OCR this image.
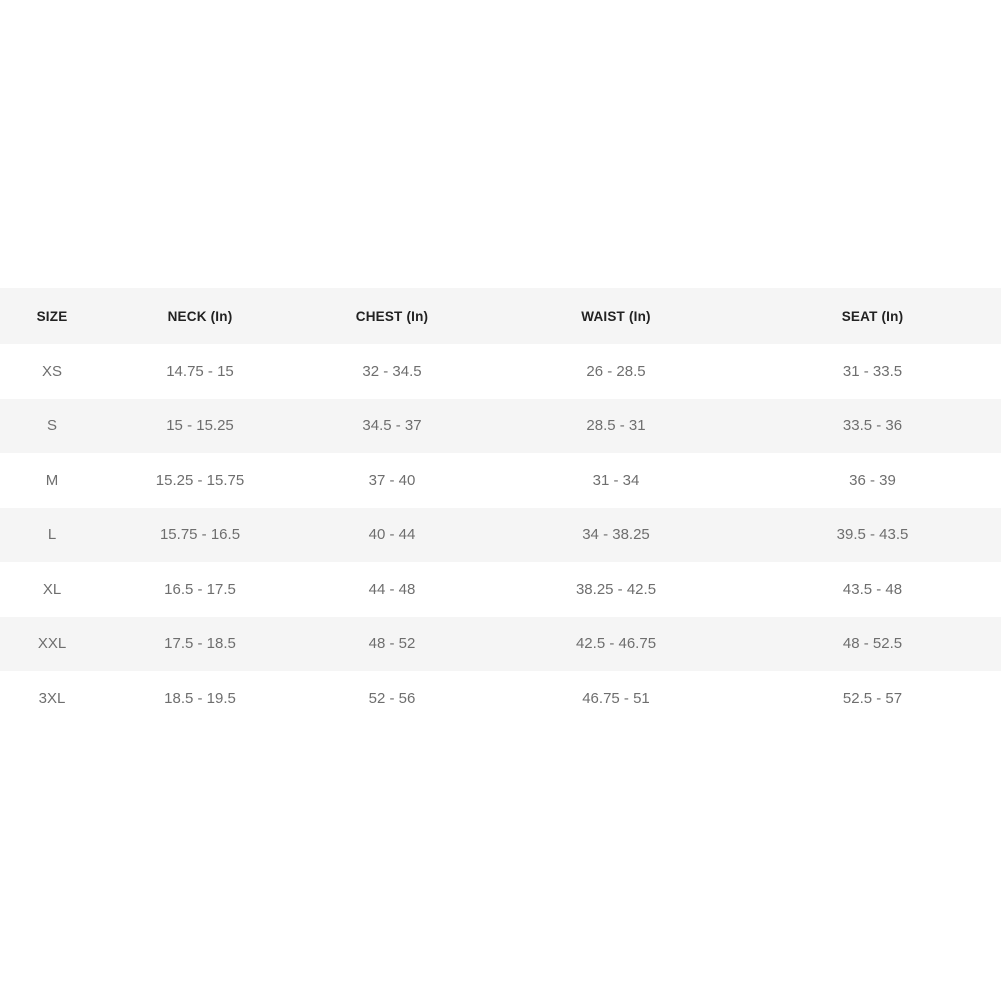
SIZE	NECK (In)	CHEST (In)	WAIST (In)	SEAT (In)
XS	14.75 - 15	32 - 34.5	26 - 28.5	31 - 33.5
S	15 - 15.25	34.5 - 37	28.5 - 31	33.5 - 36
M	15.25 - 15.75	37 - 40	31 - 34	36 - 39
L	15.75 - 16.5	40 - 44	34 - 38.25	39.5 - 43.5
XL	16.5 - 17.5	44 - 48	38.25 - 42.5	43.5 - 48
XXL	17.5 - 18.5	48 - 52	42.5 - 46.75	48 - 52.5
3XL	18.5 - 19.5	52 - 56	46.75 - 51	52.5 - 57
